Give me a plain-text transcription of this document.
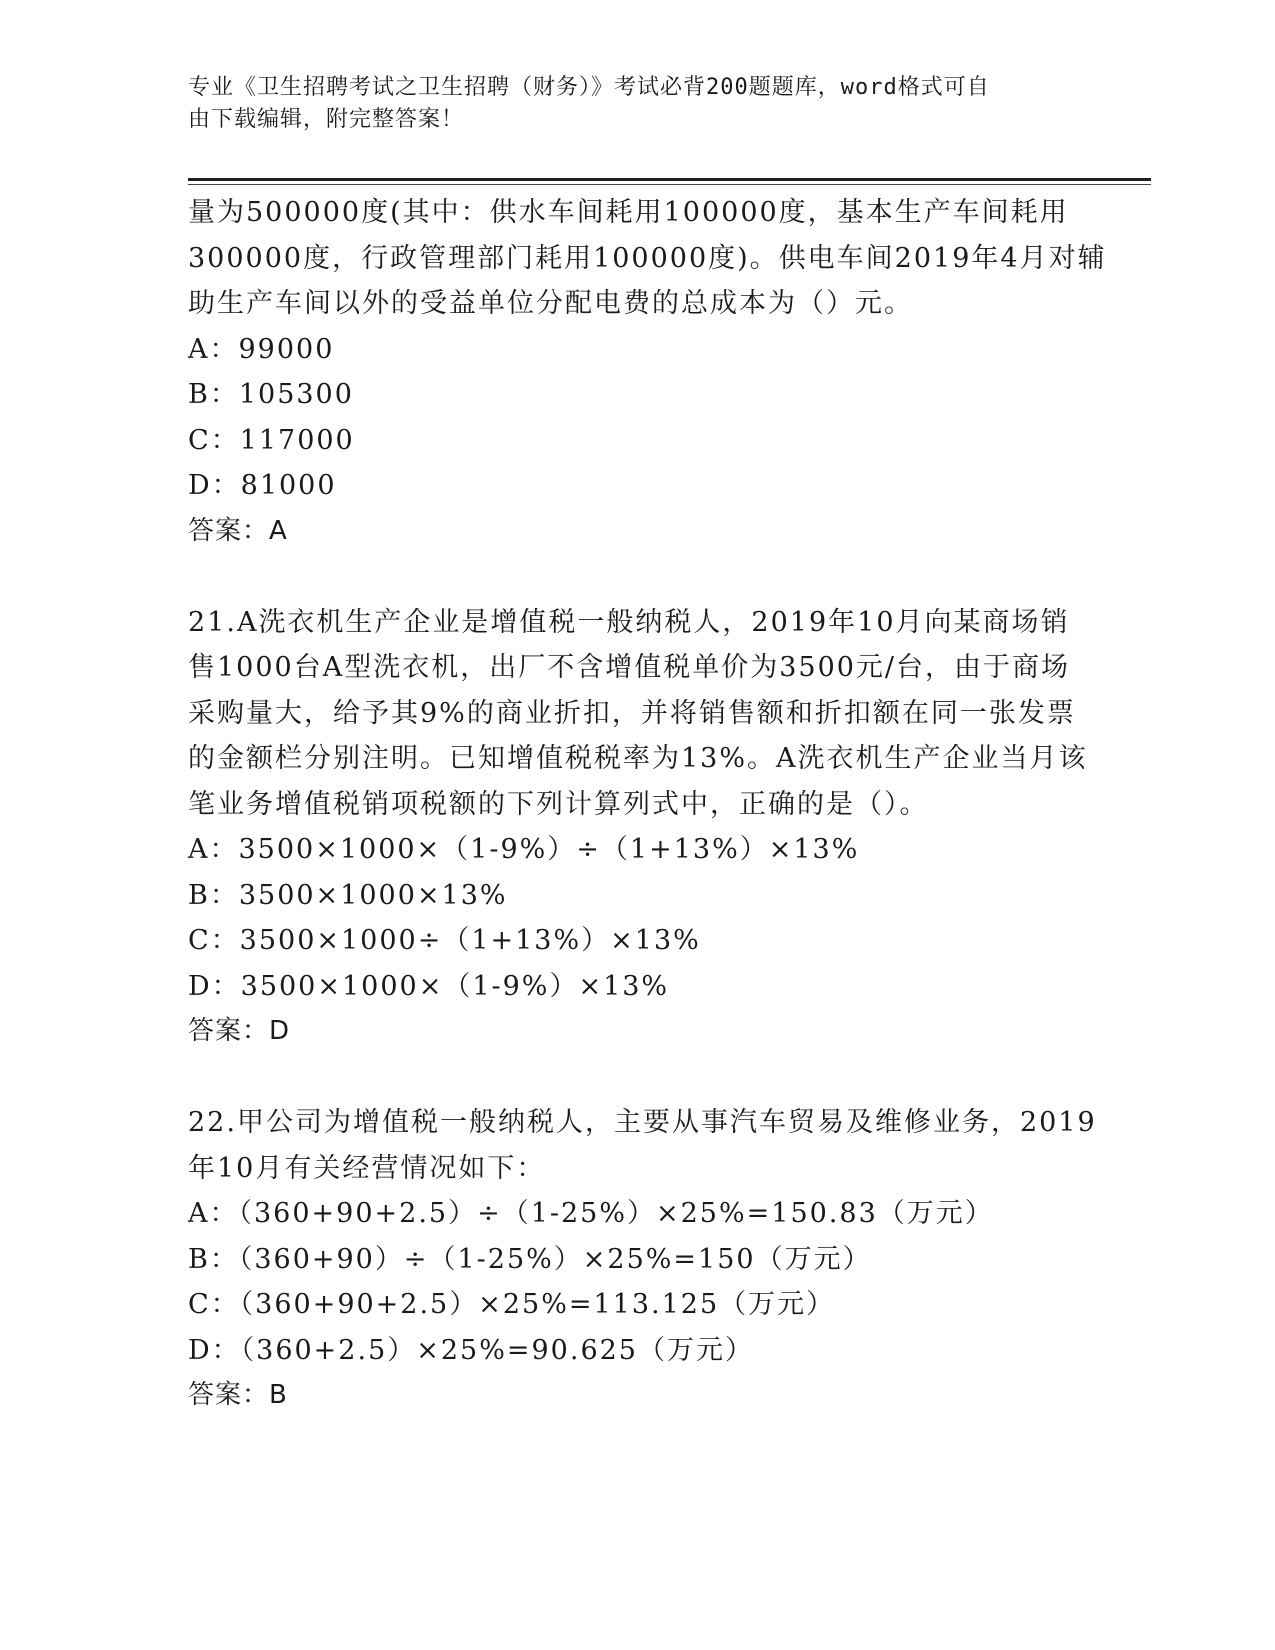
专业《卫生招聘考试之卫生招聘（财务）》考试必背200题题库，word格式可自
由下载编辑，附完整答案！
量为500000度(其中：供水车间耗用100000度，基本生产车间耗用
300000度，行政管理部门耗用100000度)。供电车间2019年4月对辅
助生产车间以外的受益单位分配电费的总成本为（）元。
A：99000
B：105300
C：117000
D：81000
答案：A
21.A洗衣机生产企业是增值税一般纳税人，2019年10月向某商场销
售1000台A型洗衣机，出厂不含增值税单价为3500元/台，由于商场
采购量大，给予其9%的商业折扣，并将销售额和折扣额在同一张发票
的金额栏分别注明。已知增值税税率为13%。A洗衣机生产企业当月该
笔业务增值税销项税额的下列计算列式中，正确的是（）。
A：3500×1000×（1-9%）÷（1+13%）×13%
B：3500×1000×13%
C：3500×1000÷（1+13%）×13%
D：3500×1000×（1-9%）×13%
答案：D
22.甲公司为增值税一般纳税人，主要从事汽车贸易及维修业务，2019
年10月有关经营情况如下：
A：（360+90+2.5）÷（1-25%）×25%=150.83（万元）
B：（360+90）÷（1-25%）×25%=150（万元）
C：（360+90+2.5）×25%=113.125（万元）
D：（360+2.5）×25%=90.625（万元）
答案：B
